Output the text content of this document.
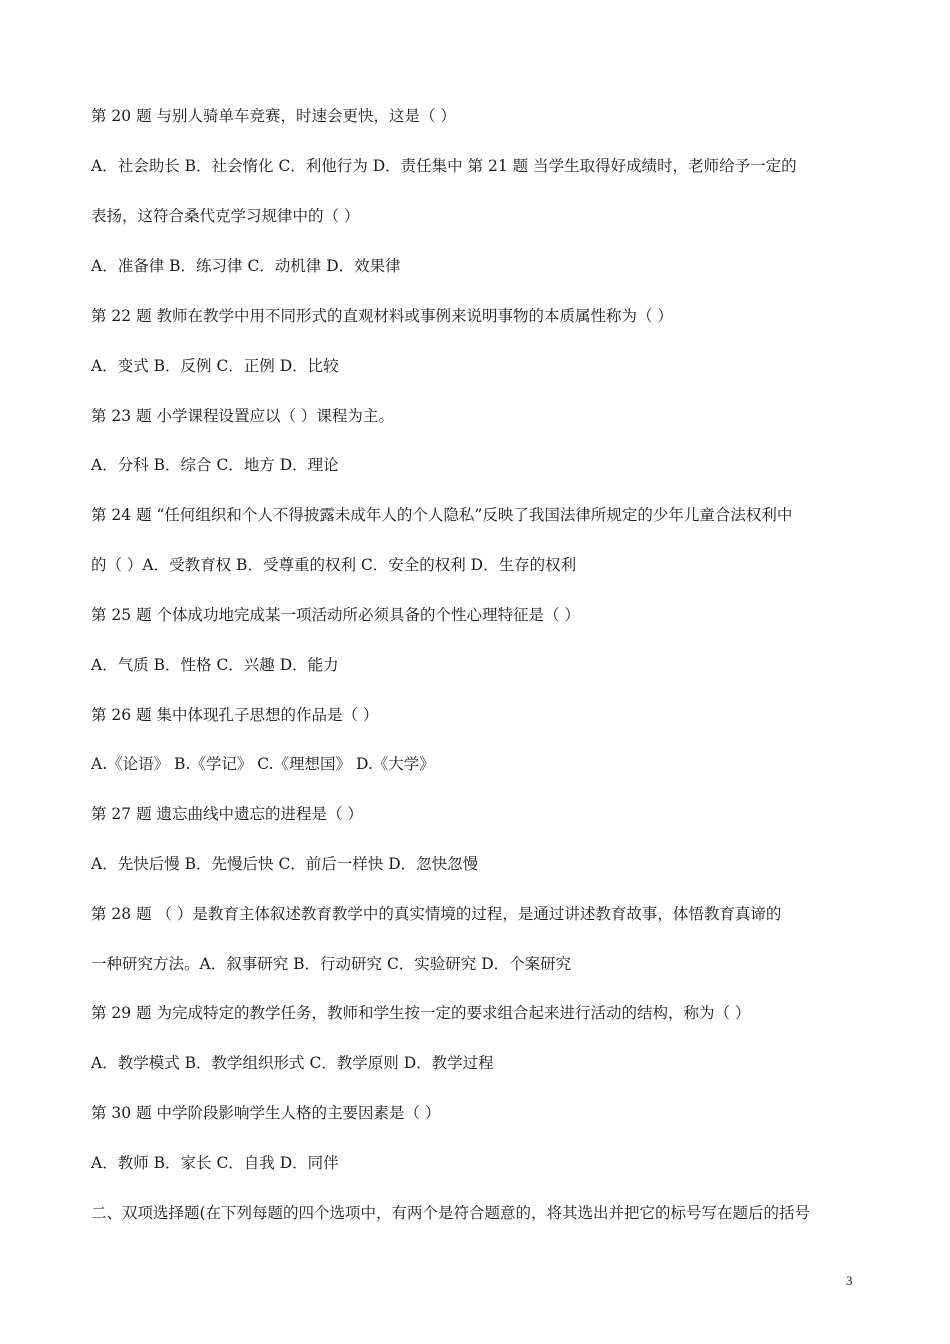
第 20 题 与别人骑单车竞赛，时速会更快，这是（ ）
A．社会助长 B．社会惰化 C．利他行为 D．责任集中 第 21 题 当学生取得好成绩时，老师给予一定的
表扬，这符合桑代克学习规律中的（ ）
A．准备律 B．练习律 C．动机律 D．效果律
第 22 题 教师在教学中用不同形式的直观材料或事例来说明事物的本质属性称为（ ）
A．变式 B．反例 C．正例 D．比较
第 23 题 小学课程设置应以（ ）课程为主。
A．分科 B．综合 C．地方 D．理论
第 24 题 “任何组织和个人不得披露未成年人的个人隐私”反映了我国法律所规定的少年儿童合法权利中
的（ ）A．受教育权 B．受尊重的权利 C．安全的权利 D．生存的权利
第 25 题 个体成功地完成某一项活动所必须具备的个性心理特征是（ ）
A．气质 B．性格 C．兴趣 D．能力
第 26 题 集中体现孔子思想的作品是（ ）
A.《论语》 B.《学记》 C.《理想国》 D.《大学》
第 27 题 遗忘曲线中遗忘的进程是（ ）
A．先快后慢 B．先慢后快 C．前后一样快 D．忽快忽慢
第 28 题 （ ）是教育主体叙述教育教学中的真实情境的过程，是通过讲述教育故事，体悟教育真谛的
一种研究方法。A．叙事研究 B．行动研究 C．实验研究 D．个案研究
第 29 题 为完成特定的教学任务，教师和学生按一定的要求组合起来进行活动的结构，称为（ ）
A．教学模式 B．教学组织形式 C．教学原则 D．教学过程
第 30 题 中学阶段影响学生人格的主要因素是（ ）
A．教师 B．家长 C．自我 D．同伴
二、双项选择题(在下列每题的四个选项中，有两个是符合题意的，将其选出并把它的标号写在题后的括号
3
